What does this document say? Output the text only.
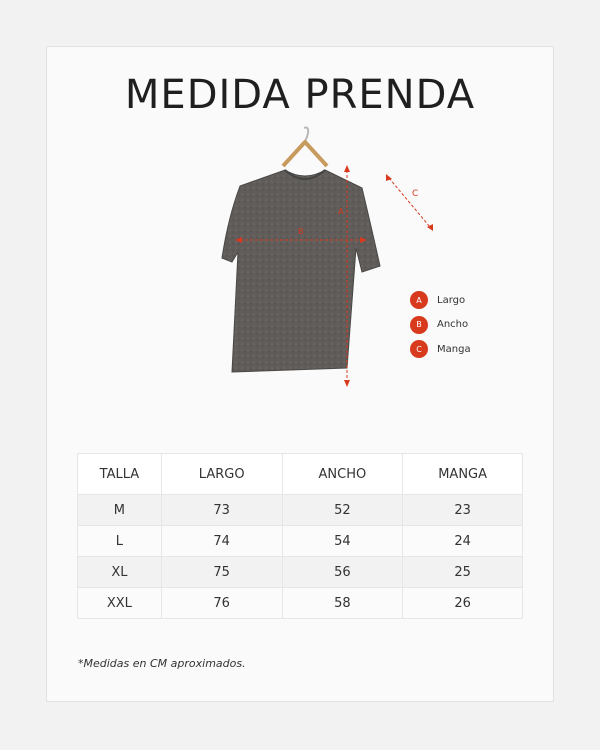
MEDIDA PRENDA
A
B
C
A	Largo
B	Ancho
C	Manga
TALLA	LARGO	ANCHO	MANGA
M	73	52	23
L	74	54	24
XL	75	56	25
XXL	76	58	26
*Medidas en CM aproximados.
